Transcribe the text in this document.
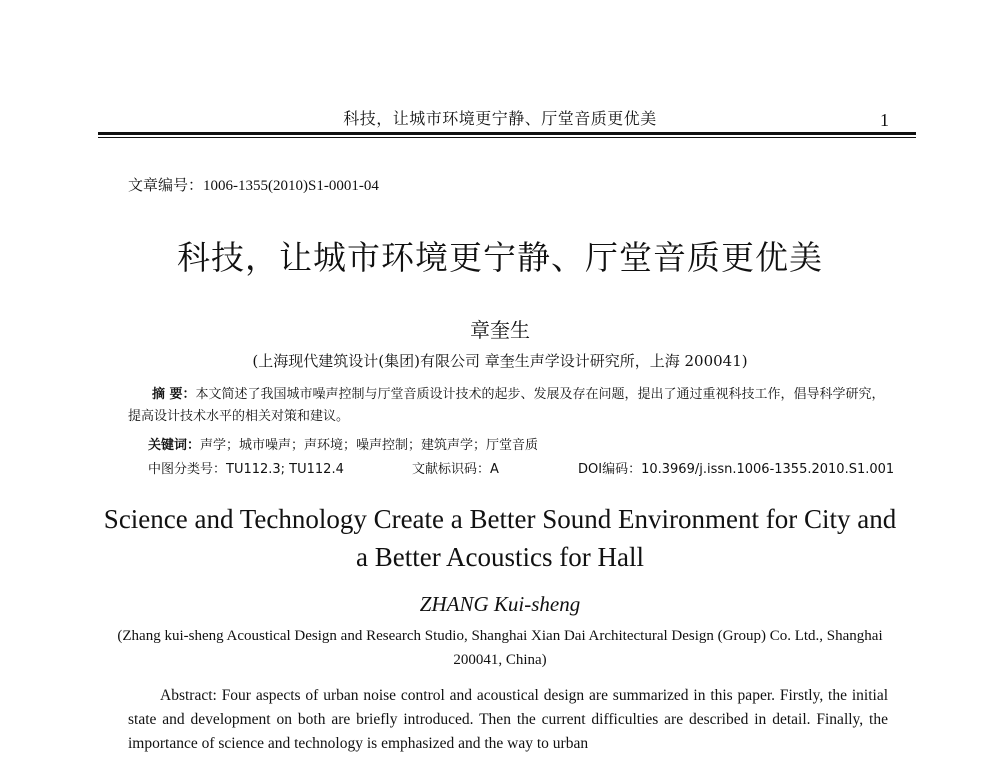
科技，让城市环境更宁静、厅堂音质更优美	1
文章编号：1006-1355(2010)S1-0001-04
科技，让城市环境更宁静、厅堂音质更优美
章奎生
(上海现代建筑设计(集团)有限公司 章奎生声学设计研究所，上海 200041)
摘 要：本文简述了我国城市噪声控制与厅堂音质设计技术的起步、发展及存在问题，提出了通过重视科技工作，倡导科学研究，提高设计技术水平的相关对策和建议。
关键词：声学；城市噪声；声环境；噪声控制；建筑声学；厅堂音质
中图分类号：TU112.3; TU112.4	文献标识码：A	DOI编码：10.3969/j.issn.1006-1355.2010.S1.001
Science and Technology Create a Better Sound Environment for City and a Better Acoustics for Hall
ZHANG Kui-sheng
(Zhang kui-sheng Acoustical Design and Research Studio, Shanghai Xian Dai Architectural Design (Group) Co. Ltd., Shanghai 200041, China)
Abstract: Four aspects of urban noise control and acoustical design are summarized in this paper. Firstly, the initial state and development on both are briefly introduced. Then the current difficulties are described in detail. Finally, the importance of science and technology is emphasized and the way to urban
